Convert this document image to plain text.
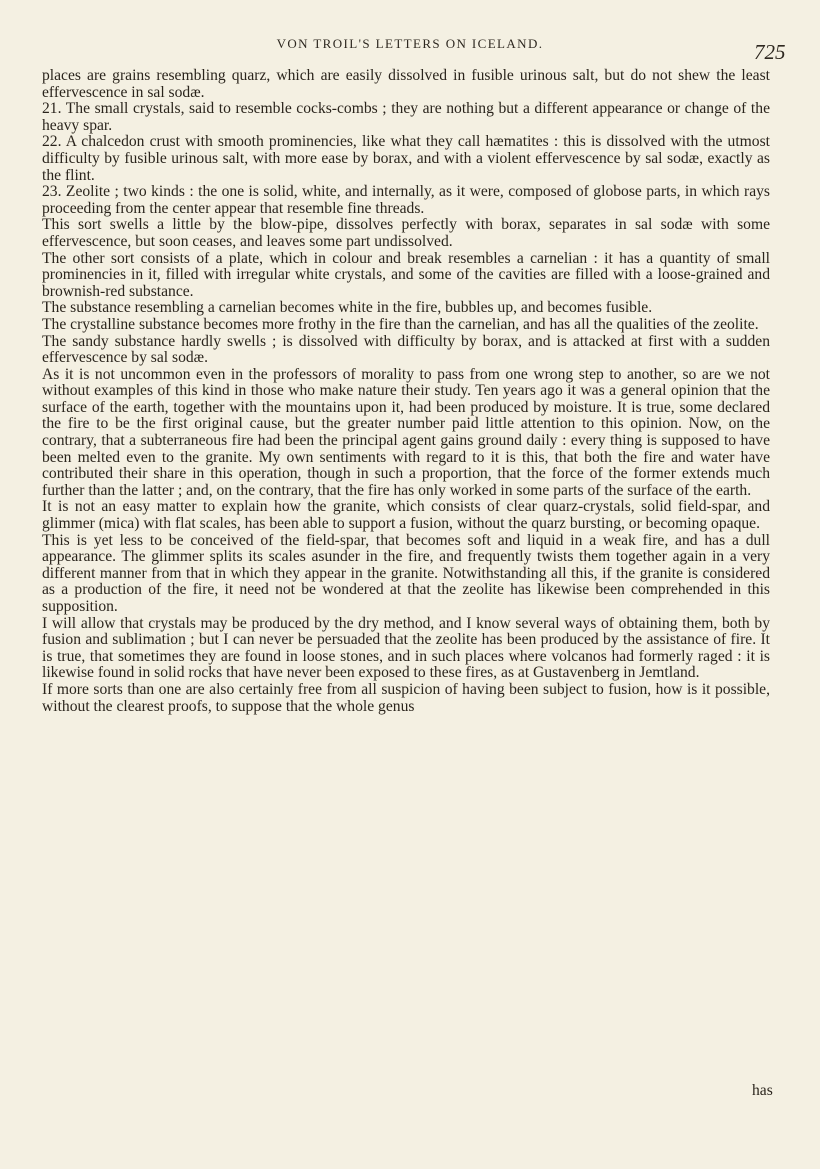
VON TROIL'S LETTERS ON ICELAND.	725

places are grains resembling quarz, which are easily dissolved in fusible urinous salt, but do not shew the least effervescence in sal sodæ.

21. The small crystals, said to resemble cocks-combs ; they are nothing but a different appearance or change of the heavy spar.

22. A chalcedon crust with smooth prominencies, like what they call hæmatites : this is dissolved with the utmost difficulty by fusible urinous salt, with more ease by borax, and with a violent effervescence by sal sodæ, exactly as the flint.

23. Zeolite ; two kinds : the one is solid, white, and internally, as it were, composed of globose parts, in which rays proceeding from the center appear that resemble fine threads.

This sort swells a little by the blow-pipe, dissolves perfectly with borax, separates in sal sodæ with some effervescence, but soon ceases, and leaves some part undissolved.

The other sort consists of a plate, which in colour and break resembles a carnelian : it has a quantity of small prominencies in it, filled with irregular white crystals, and some of the cavities are filled with a loose-grained and brownish-red substance.

The substance resembling a carnelian becomes white in the fire, bubbles up, and becomes fusible.

The crystalline substance becomes more frothy in the fire than the carnelian, and has all the qualities of the zeolite.

The sandy substance hardly swells ; is dissolved with difficulty by borax, and is attacked at first with a sudden effervescence by sal sodæ.

As it is not uncommon even in the professors of morality to pass from one wrong step to another, so are we not without examples of this kind in those who make nature their study. Ten years ago it was a general opinion that the surface of the earth, together with the mountains upon it, had been produced by moisture. It is true, some declared the fire to be the first original cause, but the greater number paid little attention to this opinion. Now, on the contrary, that a subterraneous fire had been the principal agent gains ground daily : every thing is supposed to have been melted even to the granite. My own sentiments with regard to it is this, that both the fire and water have contributed their share in this operation, though in such a proportion, that the force of the former extends much further than the latter ; and, on the contrary, that the fire has only worked in some parts of the surface of the earth.

It is not an easy matter to explain how the granite, which consists of clear quarz-crystals, solid field-spar, and glimmer (mica) with flat scales, has been able to support a fusion, without the quarz bursting, or becoming opaque.

This is yet less to be conceived of the field-spar, that becomes soft and liquid in a weak fire, and has a dull appearance. The glimmer splits its scales asunder in the fire, and frequently twists them together again in a very different manner from that in which they appear in the granite. Notwithstanding all this, if the granite is considered as a production of the fire, it need not be wondered at that the zeolite has likewise been comprehended in this supposition.

I will allow that crystals may be produced by the dry method, and I know several ways of obtaining them, both by fusion and sublimation ; but I can never be persuaded that the zeolite has been produced by the assistance of fire. It is true, that sometimes they are found in loose stones, and in such places where volcanos had formerly raged : it is likewise found in solid rocks that have never been exposed to these fires, as at Gustavenberg in Jemtland.

If more sorts than one are also certainly free from all suspicion of having been subject to fusion, how is it possible, without the clearest proofs, to suppose that the whole genus

has
